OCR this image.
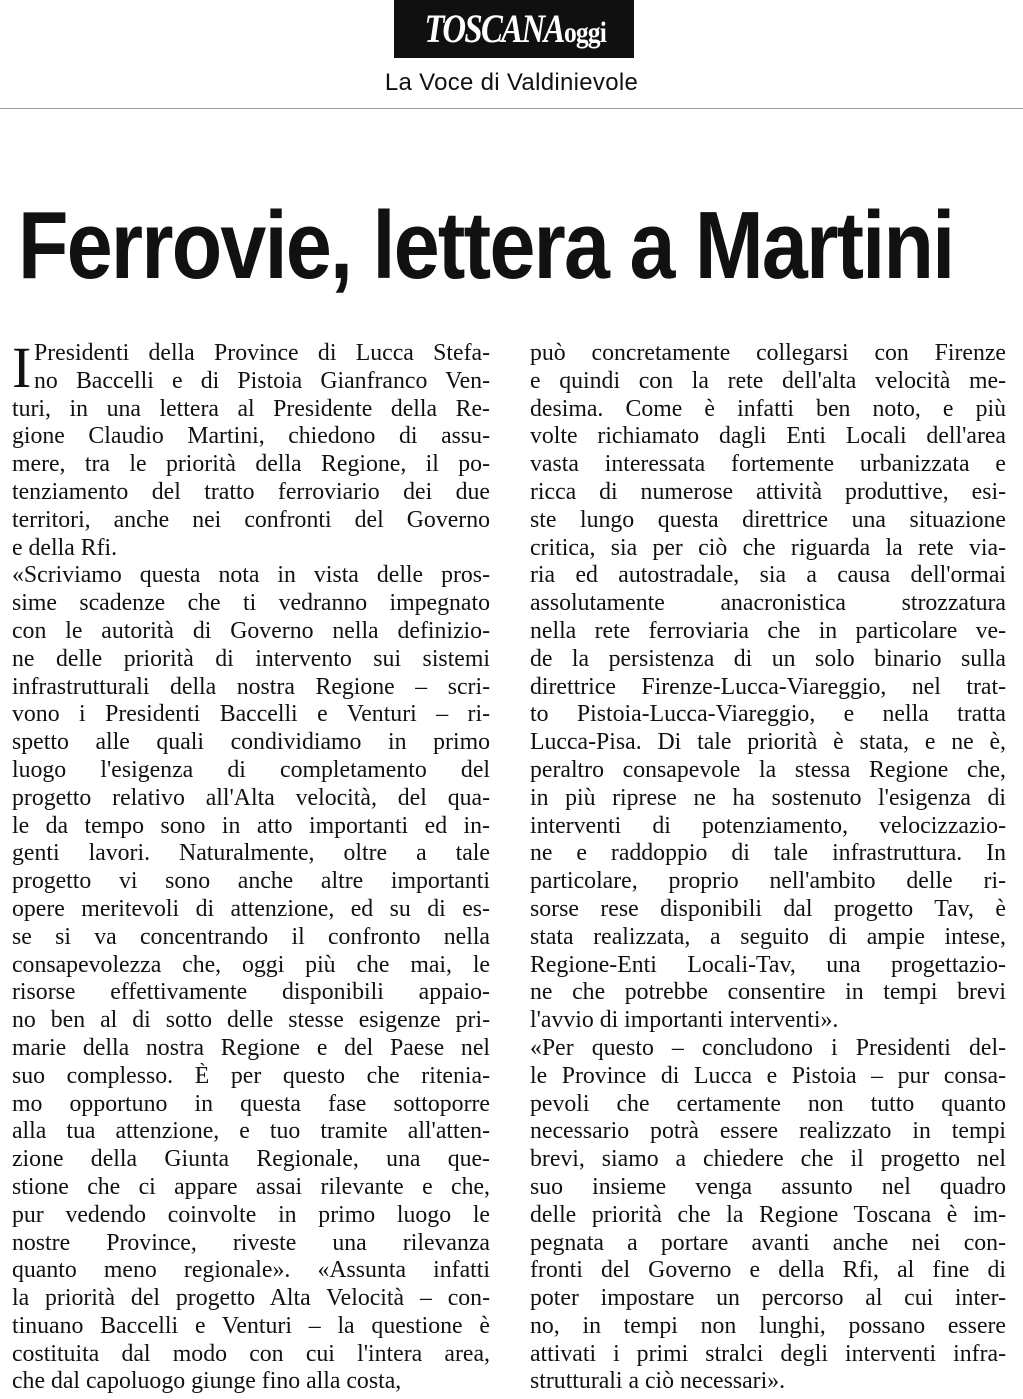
TOSCANAoggi
La Voce di Valdinievole
Ferrovie, lettera a Martini
I Presidenti della Province di Lucca Stefa-
no Baccelli e di Pistoia Gianfranco Ven-
turi, in una lettera al Presidente della Re-
gione Claudio Martini, chiedono di assu-
mere, tra le priorità della Regione, il po-
tenziamento del tratto ferroviario dei due
territori, anche nei confronti del Governo
e della Rfi.
«Scriviamo questa nota in vista delle pros-
sime scadenze che ti vedranno impegnato
con le autorità di Governo nella definizio-
ne delle priorità di intervento sui sistemi
infrastrutturali della nostra Regione – scri-
vono i Presidenti Baccelli e Venturi – ri-
spetto alle quali condividiamo in primo
luogo l'esigenza di completamento del
progetto relativo all'Alta velocità, del qua-
le da tempo sono in atto importanti ed in-
genti lavori. Naturalmente, oltre a tale
progetto vi sono anche altre importanti
opere meritevoli di attenzione, ed su di es-
se si va concentrando il confronto nella
consapevolezza che, oggi più che mai, le
risorse effettivamente disponibili appaio-
no ben al di sotto delle stesse esigenze pri-
marie della nostra Regione e del Paese nel
suo complesso. È per questo che ritenia-
mo opportuno in questa fase sottoporre
alla tua attenzione, e tuo tramite all'atten-
zione della Giunta Regionale, una que-
stione che ci appare assai rilevante e che,
pur vedendo coinvolte in primo luogo le
nostre Province, riveste una rilevanza
quanto meno regionale». «Assunta infatti
la priorità del progetto Alta Velocità – con-
tinuano Baccelli e Venturi – la questione è
costituita dal modo con cui l'intera area,
che dal capoluogo giunge fino alla costa,
può concretamente collegarsi con Firenze
e quindi con la rete dell'alta velocità me-
desima. Come è infatti ben noto, e più
volte richiamato dagli Enti Locali dell'area
vasta interessata fortemente urbanizzata e
ricca di numerose attività produttive, esi-
ste lungo questa direttrice una situazione
critica, sia per ciò che riguarda la rete via-
ria ed autostradale, sia a causa dell'ormai
assolutamente anacronistica strozzatura
nella rete ferroviaria che in particolare ve-
de la persistenza di un solo binario sulla
direttrice Firenze-Lucca-Viareggio, nel trat-
to Pistoia-Lucca-Viareggio, e nella tratta
Lucca-Pisa. Di tale priorità è stata, e ne è,
peraltro consapevole la stessa Regione che,
in più riprese ne ha sostenuto l'esigenza di
interventi di potenziamento, velocizzazio-
ne e raddoppio di tale infrastruttura. In
particolare, proprio nell'ambito delle ri-
sorse rese disponibili dal progetto Tav, è
stata realizzata, a seguito di ampie intese,
Regione-Enti Locali-Tav, una progettazio-
ne che potrebbe consentire in tempi brevi
l'avvio di importanti interventi».
«Per questo – concludono i Presidenti del-
le Province di Lucca e Pistoia – pur consa-
pevoli che certamente non tutto quanto
necessario potrà essere realizzato in tempi
brevi, siamo a chiedere che il progetto nel
suo insieme venga assunto nel quadro
delle priorità che la Regione Toscana è im-
pegnata a portare avanti anche nei con-
fronti del Governo e della Rfi, al fine di
poter impostare un percorso al cui inter-
no, in tempi non lunghi, possano essere
attivati i primi stralci degli interventi infra-
strutturali a ciò necessari».
